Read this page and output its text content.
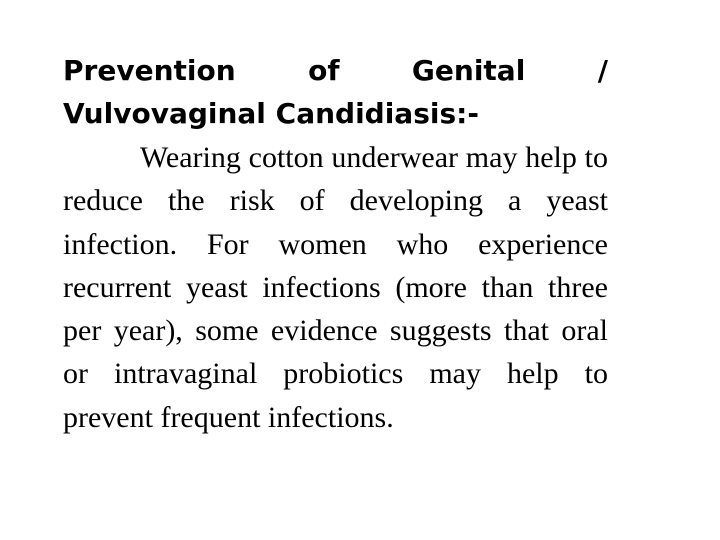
Prevention	of	Genital	/
Vulvovaginal Candidiasis:-

Wearing cotton underwear may help to reduce the risk of developing a yeast infection. For women who experience recurrent yeast infections (more than three per year), some evidence suggests that oral or intravaginal probiotics may help to prevent frequent infections.
